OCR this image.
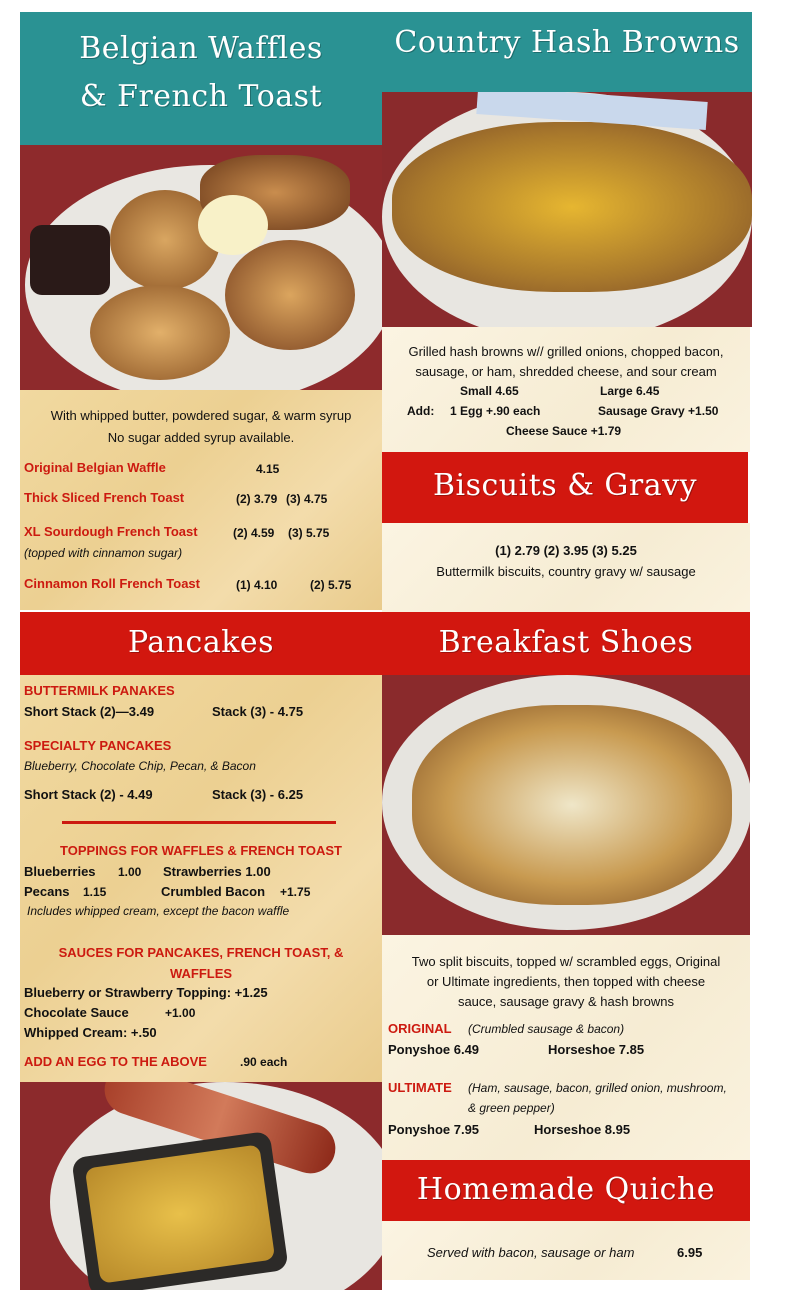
Belgian Waffles
& French Toast
Country Hash Browns
With whipped butter, powdered sugar, & warm syrup
No sugar added syrup available.
Original Belgian Waffle	4.15
Thick Sliced French Toast	(2) 3.79 (3) 4.75
XL Sourdough French Toast	(2) 4.59 (3) 5.75
(topped with cinnamon sugar)
Cinnamon Roll French Toast	(1) 4.10	(2) 5.75
Grilled hash browns w// grilled onions, chopped bacon,
sausage, or ham, shredded cheese, and sour cream
Small 4.65	Large 6.45
Add: 1 Egg +.90 each	Sausage Gravy +1.50
Cheese Sauce +1.79
Biscuits & Gravy
(1) 2.79 (2) 3.95 (3) 5.25
Buttermilk biscuits, country gravy w/ sausage
Pancakes	Breakfast Shoes
BUTTERMILK PANAKES
Short Stack (2)—3.49	Stack (3) - 4.75
SPECIALTY PANCAKES
Blueberry, Chocolate Chip, Pecan, & Bacon
Short Stack (2) - 4.49	Stack (3) - 6.25
TOPPINGS FOR WAFFLES & FRENCH TOAST
Blueberries 1.00 Strawberries 1.00
Pecans 1.15	Crumbled Bacon +1.75
Includes whipped cream, except the bacon waffle
SAUCES FOR PANCAKES, FRENCH TOAST, & WAFFLES
Blueberry or Strawberry Topping: +1.25
Chocolate Sauce	+1.00
Whipped Cream: +.50
ADD AN EGG TO THE ABOVE	.90 each
Two split biscuits, topped w/ scrambled eggs, Original
or Ultimate ingredients, then topped with cheese
sauce, sausage gravy & hash browns
ORIGINAL (Crumbled sausage & bacon)
Ponyshoe 6.49	Horseshoe 7.85
ULTIMATE (Ham, sausage, bacon, grilled onion, mushroom,
& green pepper)
Ponyshoe 7.95	Horseshoe 8.95
Homemade Quiche
Served with bacon, sausage or ham	6.95
